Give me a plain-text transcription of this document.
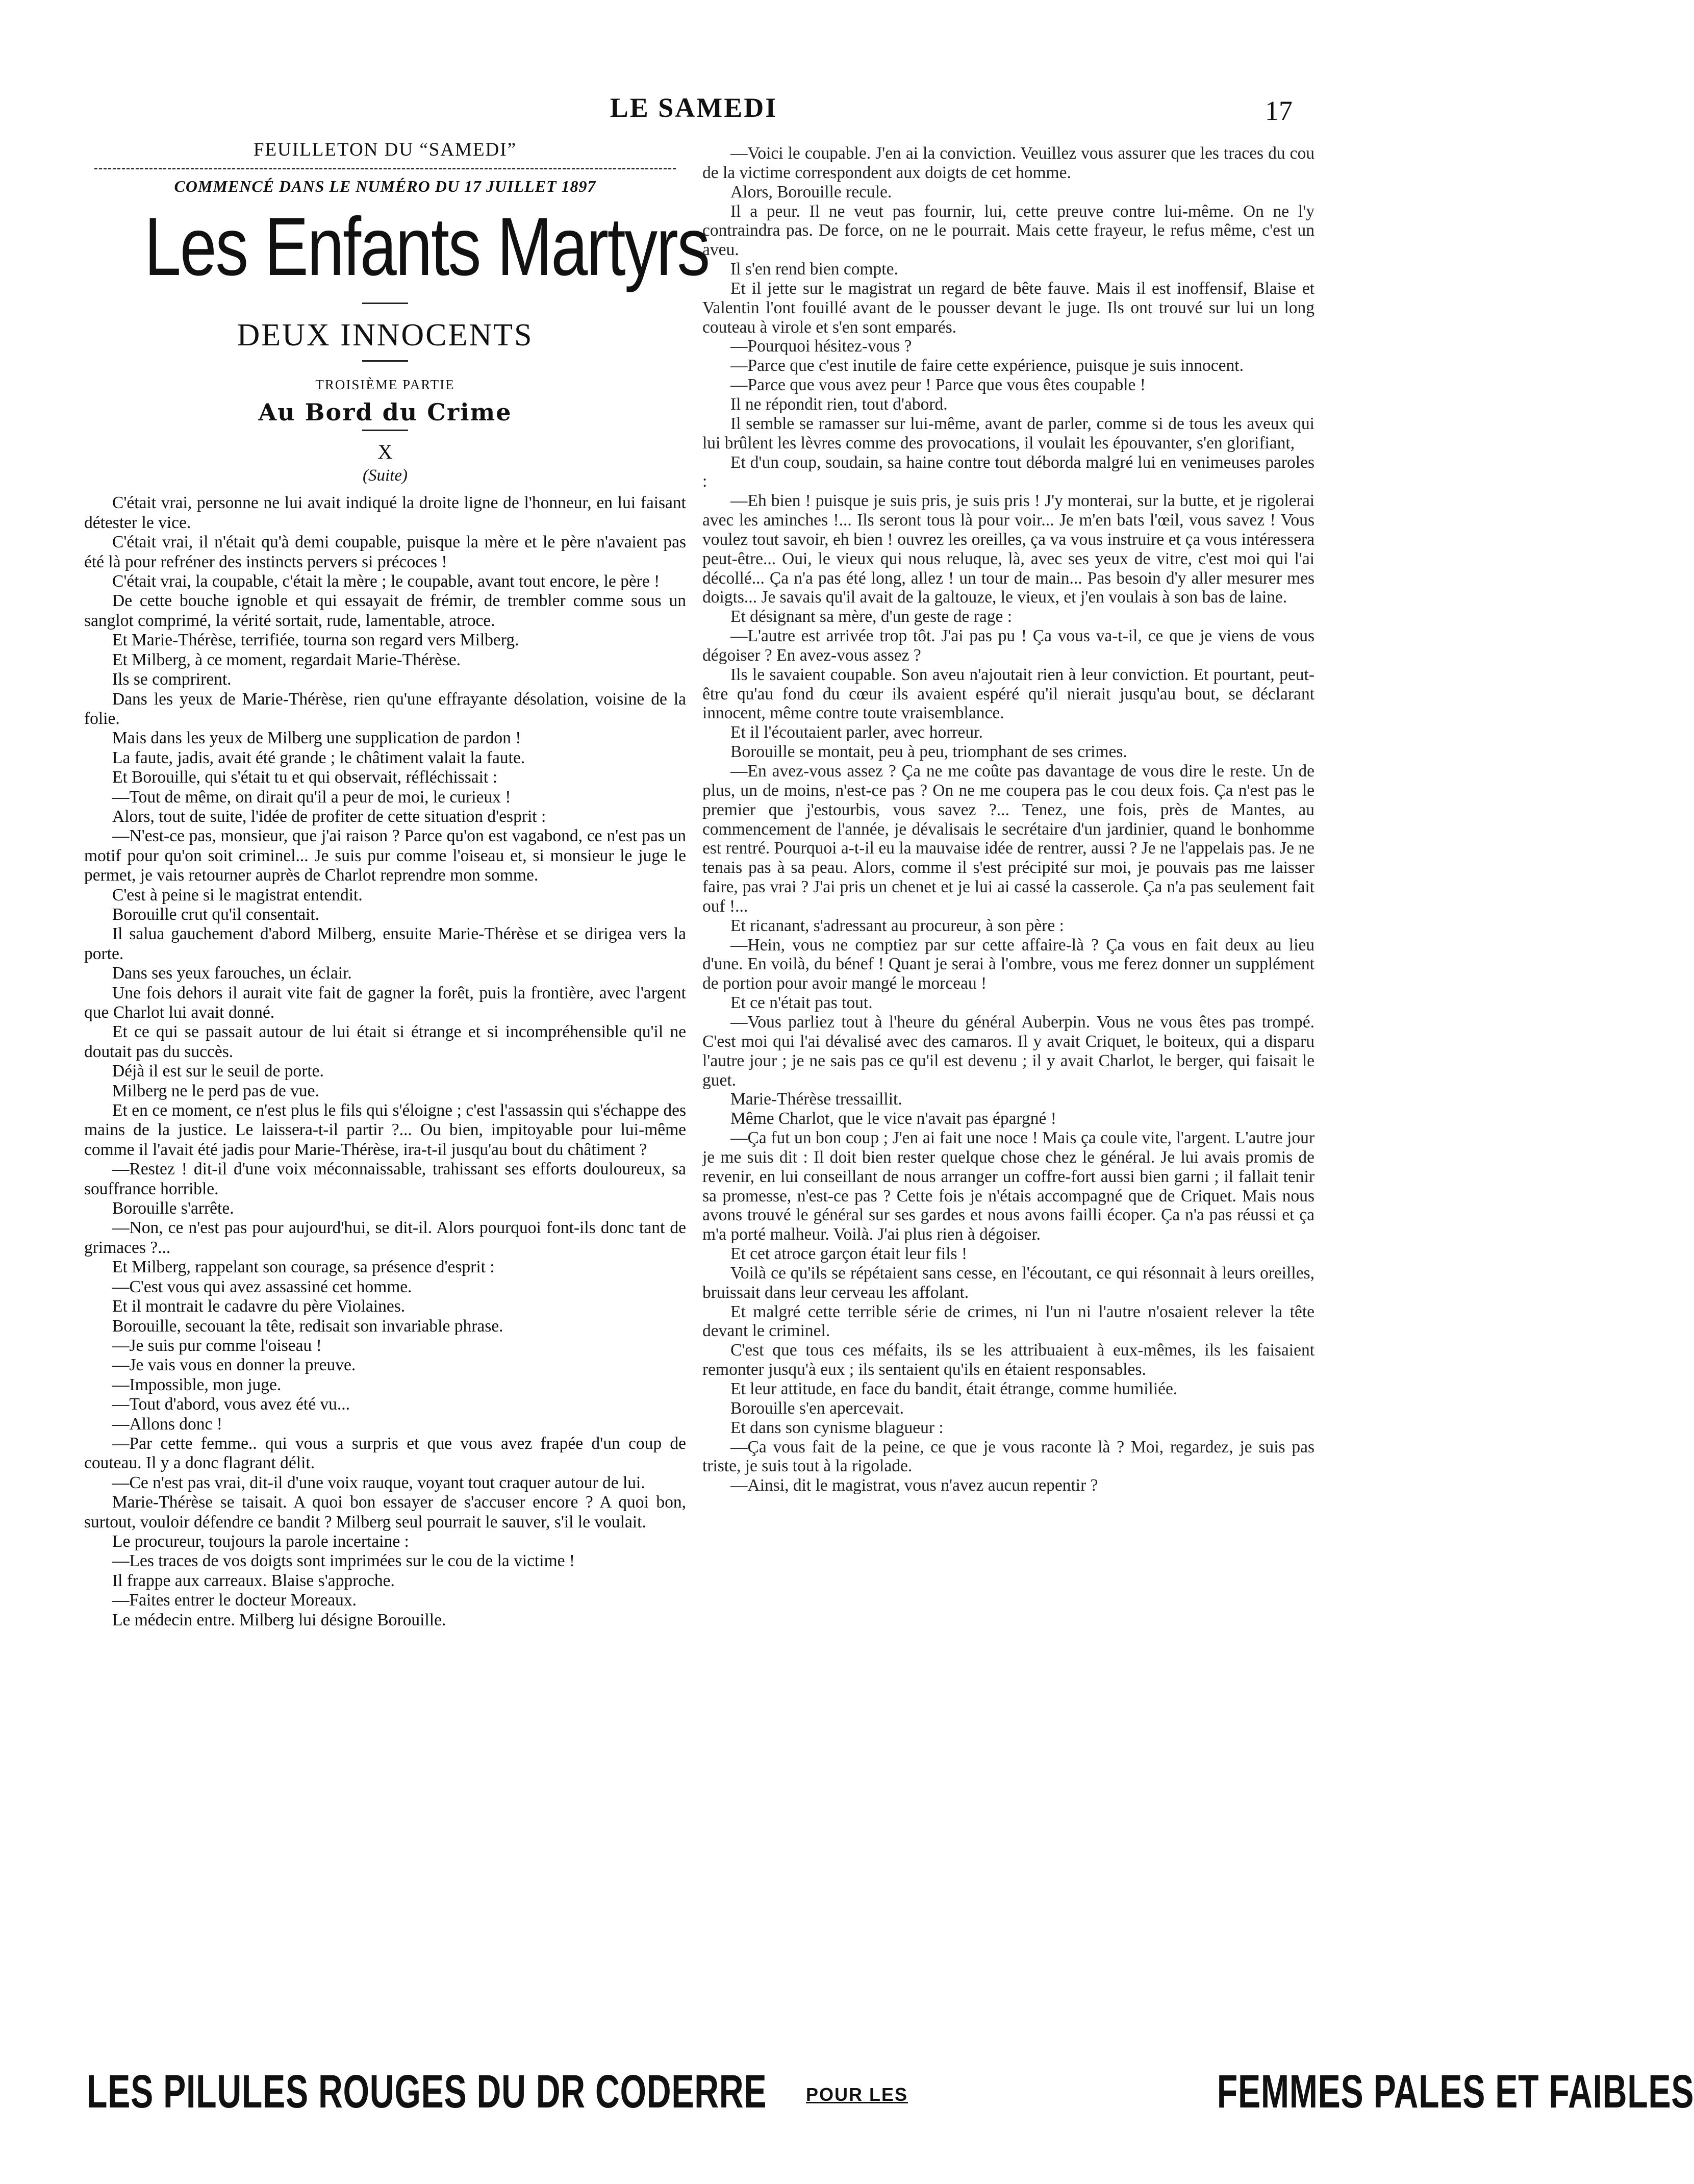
LE SAMEDI	17
FEUILLETON DU “SAMEDI”
COMMENCÉ DANS LE NUMÉRO DU 17 JUILLET 1897
Les Enfants Martyrs
DEUX INNOCENTS
TROISIÈME PARTIE
Au Bord du Crime
X
(Suite)

C'était vrai, personne ne lui avait indiqué la droite ligne de l'honneur, en lui faisant détester le vice.

C'était vrai, il n'était qu'à demi coupable, puisque la mère et le père n'avaient pas été là pour refréner des instincts pervers si précoces !

C'était vrai, la coupable, c'était la mère ; le coupable, avant tout encore, le père !

De cette bouche ignoble et qui essayait de frémir, de trembler comme sous un sanglot comprimé, la vérité sortait, rude, lamentable, atroce.

Et Marie-Thérèse, terrifiée, tourna son regard vers Milberg.

Et Milberg, à ce moment, regardait Marie-Thérèse.

Ils se comprirent.

Dans les yeux de Marie-Thérèse, rien qu'une effrayante désolation, voisine de la folie.

Mais dans les yeux de Milberg une supplication de pardon !

La faute, jadis, avait été grande ; le châtiment valait la faute.

Et Borouille, qui s'était tu et qui observait, réfléchissait :

—Tout de même, on dirait qu'il a peur de moi, le curieux !

Alors, tout de suite, l'idée de profiter de cette situation d'esprit :

—N'est-ce pas, monsieur, que j'ai raison ? Parce qu'on est vagabond, ce n'est pas un motif pour qu'on soit criminel... Je suis pur comme l'oiseau et, si monsieur le juge le permet, je vais retourner auprès de Charlot reprendre mon somme.

C'est à peine si le magistrat entendit.

Borouille crut qu'il consentait.

Il salua gauchement d'abord Milberg, ensuite Marie-Thérèse et se dirigea vers la porte.

Dans ses yeux farouches, un éclair.

Une fois dehors il aurait vite fait de gagner la forêt, puis la frontière, avec l'argent que Charlot lui avait donné.

Et ce qui se passait autour de lui était si étrange et si incompréhensible qu'il ne doutait pas du succès.

Déjà il est sur le seuil de porte.

Milberg ne le perd pas de vue.

Et en ce moment, ce n'est plus le fils qui s'éloigne ; c'est l'assassin qui s'échappe des mains de la justice. Le laissera-t-il partir ?... Ou bien, impitoyable pour lui-même comme il l'avait été jadis pour Marie-Thérèse, ira-t-il jusqu'au bout du châtiment ?

—Restez ! dit-il d'une voix méconnaissable, trahissant ses efforts douloureux, sa souffrance horrible.

Borouille s'arrête.

—Non, ce n'est pas pour aujourd'hui, se dit-il. Alors pourquoi font-ils donc tant de grimaces ?...

Et Milberg, rappelant son courage, sa présence d'esprit :

—C'est vous qui avez assassiné cet homme.

Et il montrait le cadavre du père Violaines.

Borouille, secouant la tête, redisait son invariable phrase.

—Je suis pur comme l'oiseau !

—Je vais vous en donner la preuve.

—Impossible, mon juge.

—Tout d'abord, vous avez été vu...

—Allons donc !

—Par cette femme.. qui vous a surpris et que vous avez frapée d'un coup de couteau. Il y a donc flagrant délit.

—Ce n'est pas vrai, dit-il d'une voix rauque, voyant tout craquer autour de lui.

Marie-Thérèse se taisait. A quoi bon essayer de s'accuser encore ? A quoi bon, surtout, vouloir défendre ce bandit ? Milberg seul pourrait le sauver, s'il le voulait.

Le procureur, toujours la parole incertaine :

—Les traces de vos doigts sont imprimées sur le cou de la victime !

Il frappe aux carreaux. Blaise s'approche.

—Faites entrer le docteur Moreaux.

Le médecin entre. Milberg lui désigne Borouille.

—Voici le coupable. J'en ai la conviction. Veuillez vous assurer que les traces du cou de la victime correspondent aux doigts de cet homme.

Alors, Borouille recule.

Il a peur. Il ne veut pas fournir, lui, cette preuve contre lui-même. On ne l'y contraindra pas. De force, on ne le pourrait. Mais cette frayeur, le refus même, c'est un aveu.

Il s'en rend bien compte.

Et il jette sur le magistrat un regard de bête fauve. Mais il est inoffensif, Blaise et Valentin l'ont fouillé avant de le pousser devant le juge. Ils ont trouvé sur lui un long couteau à virole et s'en sont emparés.

—Pourquoi hésitez-vous ?

—Parce que c'est inutile de faire cette expérience, puisque je suis innocent.

—Parce que vous avez peur ! Parce que vous êtes coupable !

Il ne répondit rien, tout d'abord.

Il semble se ramasser sur lui-même, avant de parler, comme si de tous les aveux qui lui brûlent les lèvres comme des provocations, il voulait les épouvanter, s'en glorifiant,

Et d'un coup, soudain, sa haine contre tout déborda malgré lui en venimeuses paroles :

—Eh bien ! puisque je suis pris, je suis pris ! J'y monterai, sur la butte, et je rigolerai avec les aminches !... Ils seront tous là pour voir... Je m'en bats l'œil, vous savez ! Vous voulez tout savoir, eh bien ! ouvrez les oreilles, ça va vous instruire et ça vous intéressera peut-être... Oui, le vieux qui nous reluque, là, avec ses yeux de vitre, c'est moi qui l'ai décollé... Ça n'a pas été long, allez ! un tour de main... Pas besoin d'y aller mesurer mes doigts... Je savais qu'il avait de la galtouze, le vieux, et j'en voulais à son bas de laine.

Et désignant sa mère, d'un geste de rage :

—L'autre est arrivée trop tôt. J'ai pas pu ! Ça vous va-t-il, ce que je viens de vous dégoiser ? En avez-vous assez ?

Ils le savaient coupable. Son aveu n'ajoutait rien à leur conviction. Et pourtant, peut-être qu'au fond du cœur ils avaient espéré qu'il nierait jusqu'au bout, se déclarant innocent, même contre toute vraisemblance.

Et il l'écoutaient parler, avec horreur.

Borouille se montait, peu à peu, triomphant de ses crimes.

—En avez-vous assez ? Ça ne me coûte pas davantage de vous dire le reste. Un de plus, un de moins, n'est-ce pas ? On ne me coupera pas le cou deux fois. Ça n'est pas le premier que j'estourbis, vous savez ?... Tenez, une fois, près de Mantes, au commencement de l'année, je dévalisais le secrétaire d'un jardinier, quand le bonhomme est rentré. Pourquoi a-t-il eu la mauvaise idée de rentrer, aussi ? Je ne l'appelais pas. Je ne tenais pas à sa peau. Alors, comme il s'est précipité sur moi, je pouvais pas me laisser faire, pas vrai ? J'ai pris un chenet et je lui ai cassé la casserole. Ça n'a pas seulement fait ouf !...

Et ricanant, s'adressant au procureur, à son père :

—Hein, vous ne comptiez par sur cette affaire-là ? Ça vous en fait deux au lieu d'une. En voilà, du bénef ! Quant je serai à l'ombre, vous me ferez donner un supplément de portion pour avoir mangé le morceau !

Et ce n'était pas tout.

—Vous parliez tout à l'heure du général Auberpin. Vous ne vous êtes pas trompé. C'est moi qui l'ai dévalisé avec des camaros. Il y avait Criquet, le boiteux, qui a disparu l'autre jour ; je ne sais pas ce qu'il est devenu ; il y avait Charlot, le berger, qui faisait le guet.

Marie-Thérèse tressaillit.

Même Charlot, que le vice n'avait pas épargné !

—Ça fut un bon coup ; J'en ai fait une noce ! Mais ça coule vite, l'argent. L'autre jour je me suis dit : Il doit bien rester quelque chose chez le général. Je lui avais promis de revenir, en lui conseillant de nous arranger un coffre-fort aussi bien garni ; il fallait tenir sa promesse, n'est-ce pas ? Cette fois je n'étais accompagné que de Criquet. Mais nous avons trouvé le général sur ses gardes et nous avons failli écoper. Ça n'a pas réussi et ça m'a porté malheur. Voilà. J'ai plus rien à dégoiser.

Et cet atroce garçon était leur fils !

Voilà ce qu'ils se répétaient sans cesse, en l'écoutant, ce qui résonnait à leurs oreilles, bruissait dans leur cerveau les affolant.

Et malgré cette terrible série de crimes, ni l'un ni l'autre n'osaient relever la tête devant le criminel.

C'est que tous ces méfaits, ils se les attribuaient à eux-mêmes, ils les faisaient remonter jusqu'à eux ; ils sentaient qu'ils en étaient responsables.

Et leur attitude, en face du bandit, était étrange, comme humiliée.

Borouille s'en apercevait.

Et dans son cynisme blagueur :

—Ça vous fait de la peine, ce que je vous raconte là ? Moi, regardez, je suis pas triste, je suis tout à la rigolade.

—Ainsi, dit le magistrat, vous n'avez aucun repentir ?

LES PILULES ROUGES DU DR CODERRE POUR LES	FEMMES PALES ET FAIBLES
